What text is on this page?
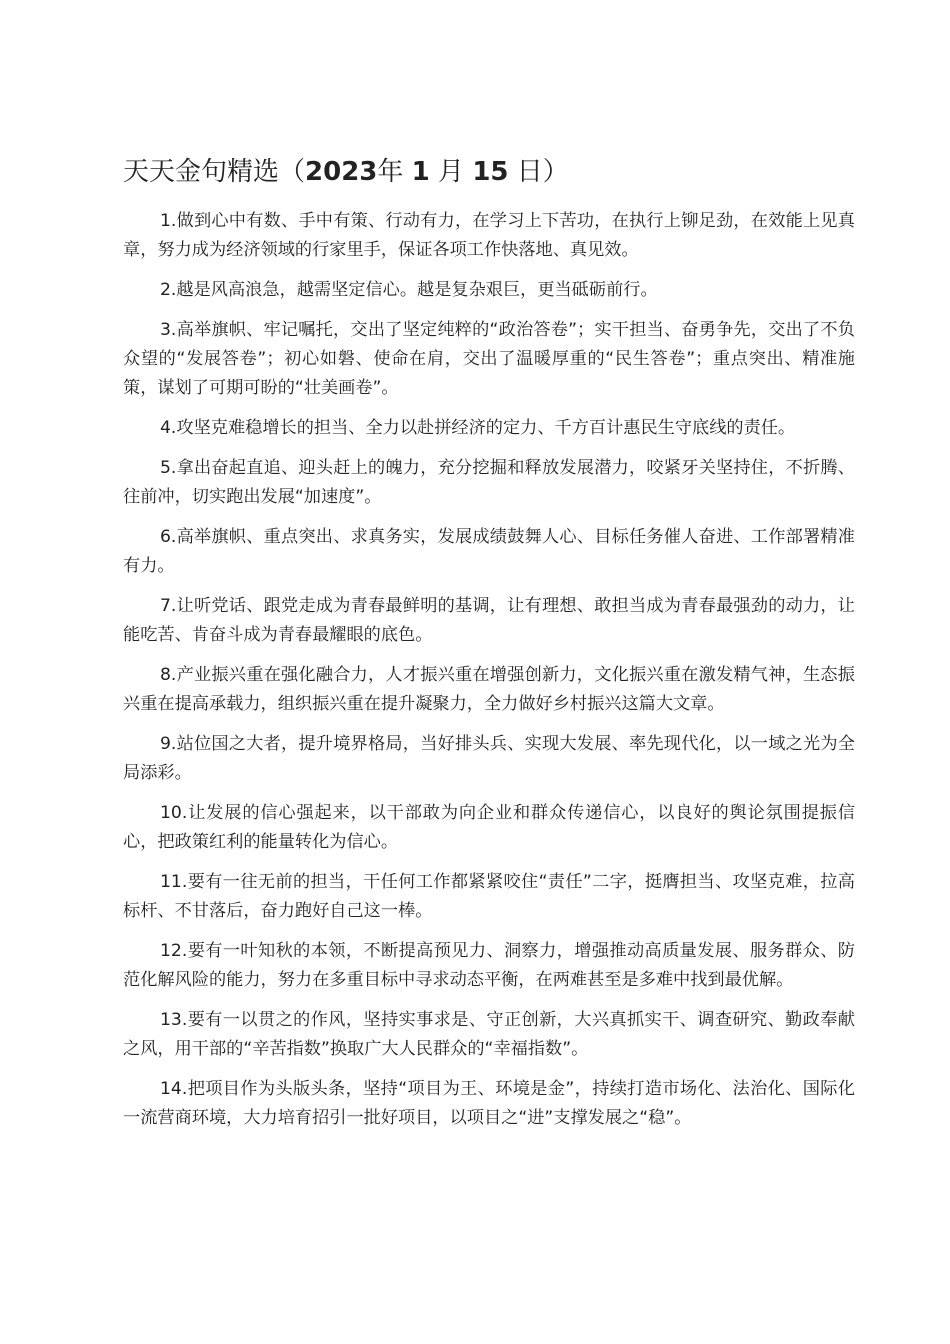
天天金句精选（2023年 1 月 15 日）

1.做到心中有数、手中有策、行动有力，在学习上下苦功，在执行上铆足劲，在效能上见真章，努力成为经济领域的行家里手，保证各项工作快落地、真见效。

2.越是风高浪急，越需坚定信心。越是复杂艰巨，更当砥砺前行。

3.高举旗帜、牢记嘱托，交出了坚定纯粹的“政治答卷”；实干担当、奋勇争先，交出了不负众望的“发展答卷”；初心如磐、使命在肩，交出了温暖厚重的“民生答卷”；重点突出、精准施策，谋划了可期可盼的“壮美画卷”。

4.攻坚克难稳增长的担当、全力以赴拼经济的定力、千方百计惠民生守底线的责任。

5.拿出奋起直追、迎头赶上的魄力，充分挖掘和释放发展潜力，咬紧牙关坚持住，不折腾、往前冲，切实跑出发展“加速度”。

6.高举旗帜、重点突出、求真务实，发展成绩鼓舞人心、目标任务催人奋进、工作部署精准有力。

7.让听党话、跟党走成为青春最鲜明的基调，让有理想、敢担当成为青春最强劲的动力，让能吃苦、肯奋斗成为青春最耀眼的底色。

8.产业振兴重在强化融合力，人才振兴重在增强创新力，文化振兴重在激发精气神，生态振兴重在提高承载力，组织振兴重在提升凝聚力，全力做好乡村振兴这篇大文章。

9.站位国之大者，提升境界格局，当好排头兵、实现大发展、率先现代化，以一域之光为全局添彩。

10.让发展的信心强起来，以干部敢为向企业和群众传递信心，以良好的舆论氛围提振信心，把政策红利的能量转化为信心。

11.要有一往无前的担当，干任何工作都紧紧咬住“责任”二字，挺膺担当、攻坚克难，拉高标杆、不甘落后，奋力跑好自己这一棒。

12.要有一叶知秋的本领，不断提高预见力、洞察力，增强推动高质量发展、服务群众、防范化解风险的能力，努力在多重目标中寻求动态平衡，在两难甚至是多难中找到最优解。

13.要有一以贯之的作风，坚持实事求是、守正创新，大兴真抓实干、调查研究、勤政奉献之风，用干部的“辛苦指数”换取广大人民群众的“幸福指数”。

14.把项目作为头版头条，坚持“项目为王、环境是金”，持续打造市场化、法治化、国际化一流营商环境，大力培育招引一批好项目，以项目之“进”支撑发展之“稳”。
